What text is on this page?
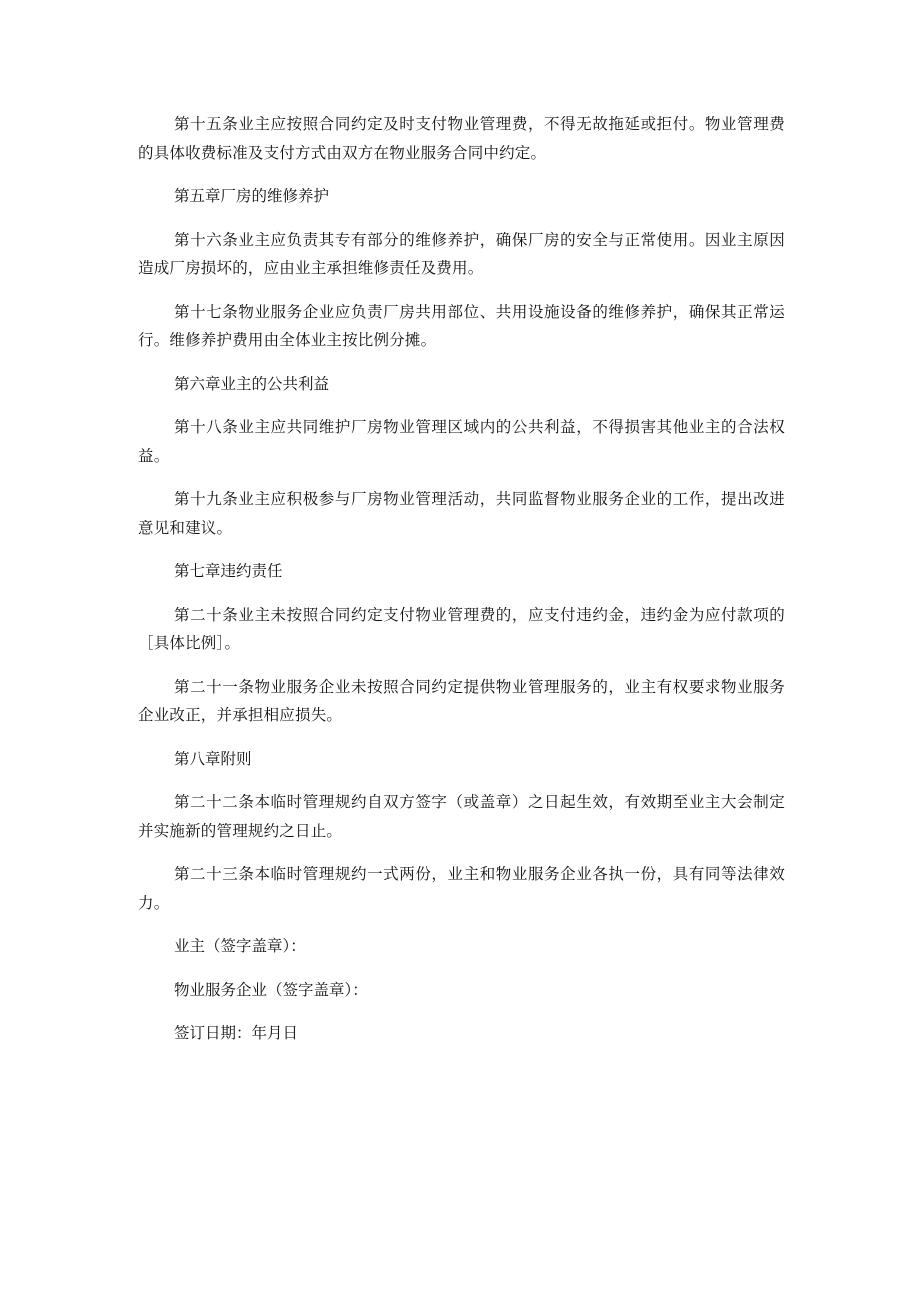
第十五条业主应按照合同约定及时支付物业管理费，不得无故拖延或拒付。物业管理费的具体收费标准及支付方式由双方在物业服务合同中约定。

第五章厂房的维修养护

第十六条业主应负责其专有部分的维修养护，确保厂房的安全与正常使用。因业主原因造成厂房损坏的，应由业主承担维修责任及费用。

第十七条物业服务企业应负责厂房共用部位、共用设施设备的维修养护，确保其正常运行。维修养护费用由全体业主按比例分摊。

第六章业主的公共利益

第十八条业主应共同维护厂房物业管理区域内的公共利益，不得损害其他业主的合法权益。

第十九条业主应积极参与厂房物业管理活动，共同监督物业服务企业的工作，提出改进意见和建议。

第七章违约责任

第二十条业主未按照合同约定支付物业管理费的，应支付违约金，违约金为应付款项的［具体比例］。

第二十一条物业服务企业未按照合同约定提供物业管理服务的，业主有权要求物业服务企业改正，并承担相应损失。

第八章附则

第二十二条本临时管理规约自双方签字（或盖章）之日起生效，有效期至业主大会制定并实施新的管理规约之日止。

第二十三条本临时管理规约一式两份，业主和物业服务企业各执一份，具有同等法律效力。

业主（签字盖章）：

物业服务企业（签字盖章）：

签订日期：年月日
